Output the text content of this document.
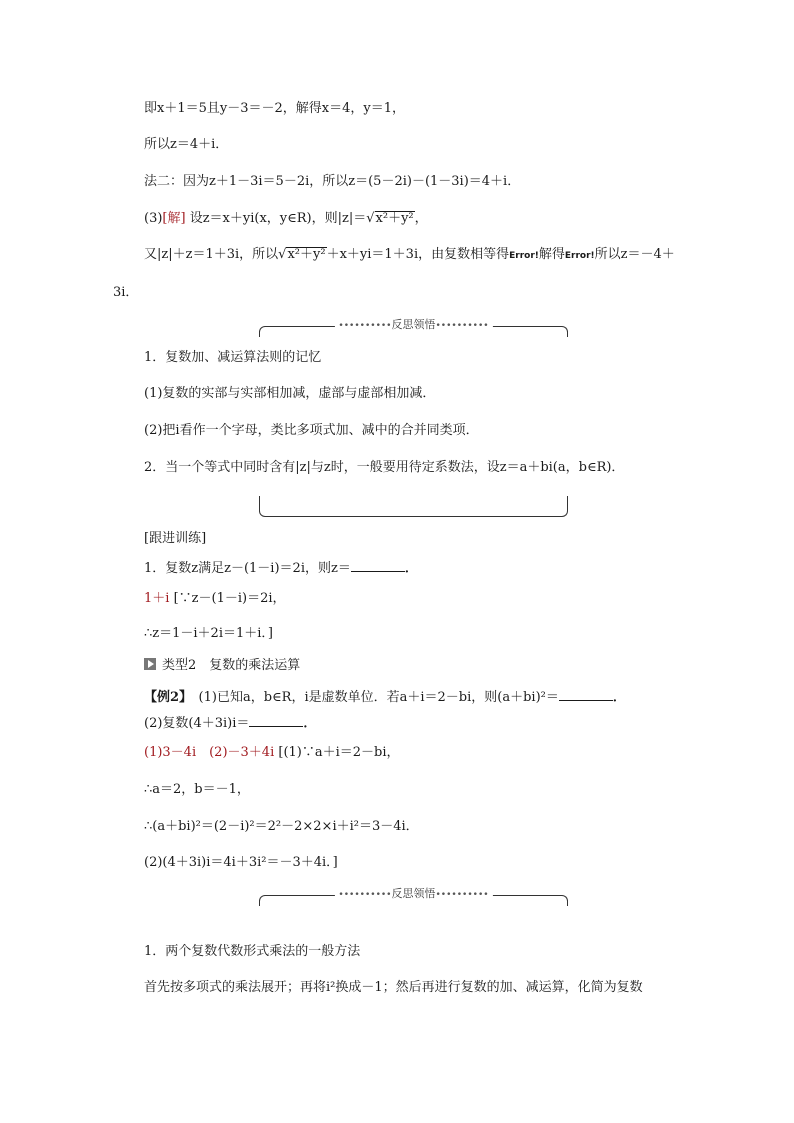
即x＋1＝5且y－3＝－2，解得x＝4，y＝1，
所以z＝4＋i．
法二：因为z＋1－3i＝5－2i，所以z＝(5－2i)－(1－3i)＝4＋i．
(3)[解] 设z＝x＋yi(x，y∈R)，则|z|＝√x²＋y²，
又|z|＋z＝1＋3i，所以√x²＋y²＋x＋yi＝1＋3i，由复数相等得Error!解得Error!所以z＝－4＋
3i．
••••••••••反思领悟••••••••••
1．复数加、减运算法则的记忆
(1)复数的实部与实部相加减，虚部与虚部相加减．
(2)把i看作一个字母，类比多项式加、减中的合并同类项．
2．当一个等式中同时含有|z|与z时，一般要用待定系数法，设z＝a＋bi(a，b∈R)．
[跟进训练]
1．复数z满足z－(1－i)＝2i，则z＝	．
1＋i [∵z－(1－i)＝2i，
∴z＝1－i＋2i＝1＋i．]
类型2　复数的乘法运算
【例2】　(1)已知a，b∈R，i是虚数单位．若a＋i＝2－bi，则(a＋bi)²＝	．
(2)复数(4＋3i)i＝	．
(1)3－4i　(2)－3＋4i [(1)∵a＋i＝2－bi，
∴a＝2，b＝－1，
∴(a＋bi)²＝(2－i)²＝2²－2×2×i＋i²＝3－4i．
(2)(4＋3i)i＝4i＋3i²＝－3＋4i．]
••••••••••反思领悟••••••••••
1．两个复数代数形式乘法的一般方法
首先按多项式的乘法展开；再将i²换成－1；然后再进行复数的加、减运算，化简为复数
